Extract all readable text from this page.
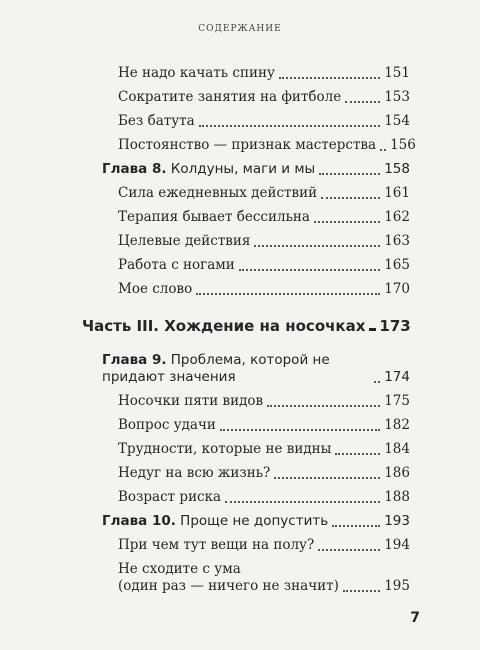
СОДЕРЖАНИЕ
Не надо качать спину	151
Сократите занятия на фитболе	153
Без батута	154
Постоянство — признак мастерства 156
Глава 8. Колдуны, маги и мы	158
Сила ежедневных действий	161
Терапия бывает бессильна	162
Целевые действия	163
Работа с ногами	165
Мое слово	170
Часть III. Хождение на носочках 173
Глава 9. Проблема, которой не придают значения	174
Носочки пяти видов	175
Вопрос удачи	182
Трудности, которые не видны	184
Недуг на всю жизнь?	186
Возраст риска	188
Глава 10. Проще не допустить	193
При чем тут вещи на полу?	194
Не сходите с ума
(один раз — ничего не значит)	195
7
